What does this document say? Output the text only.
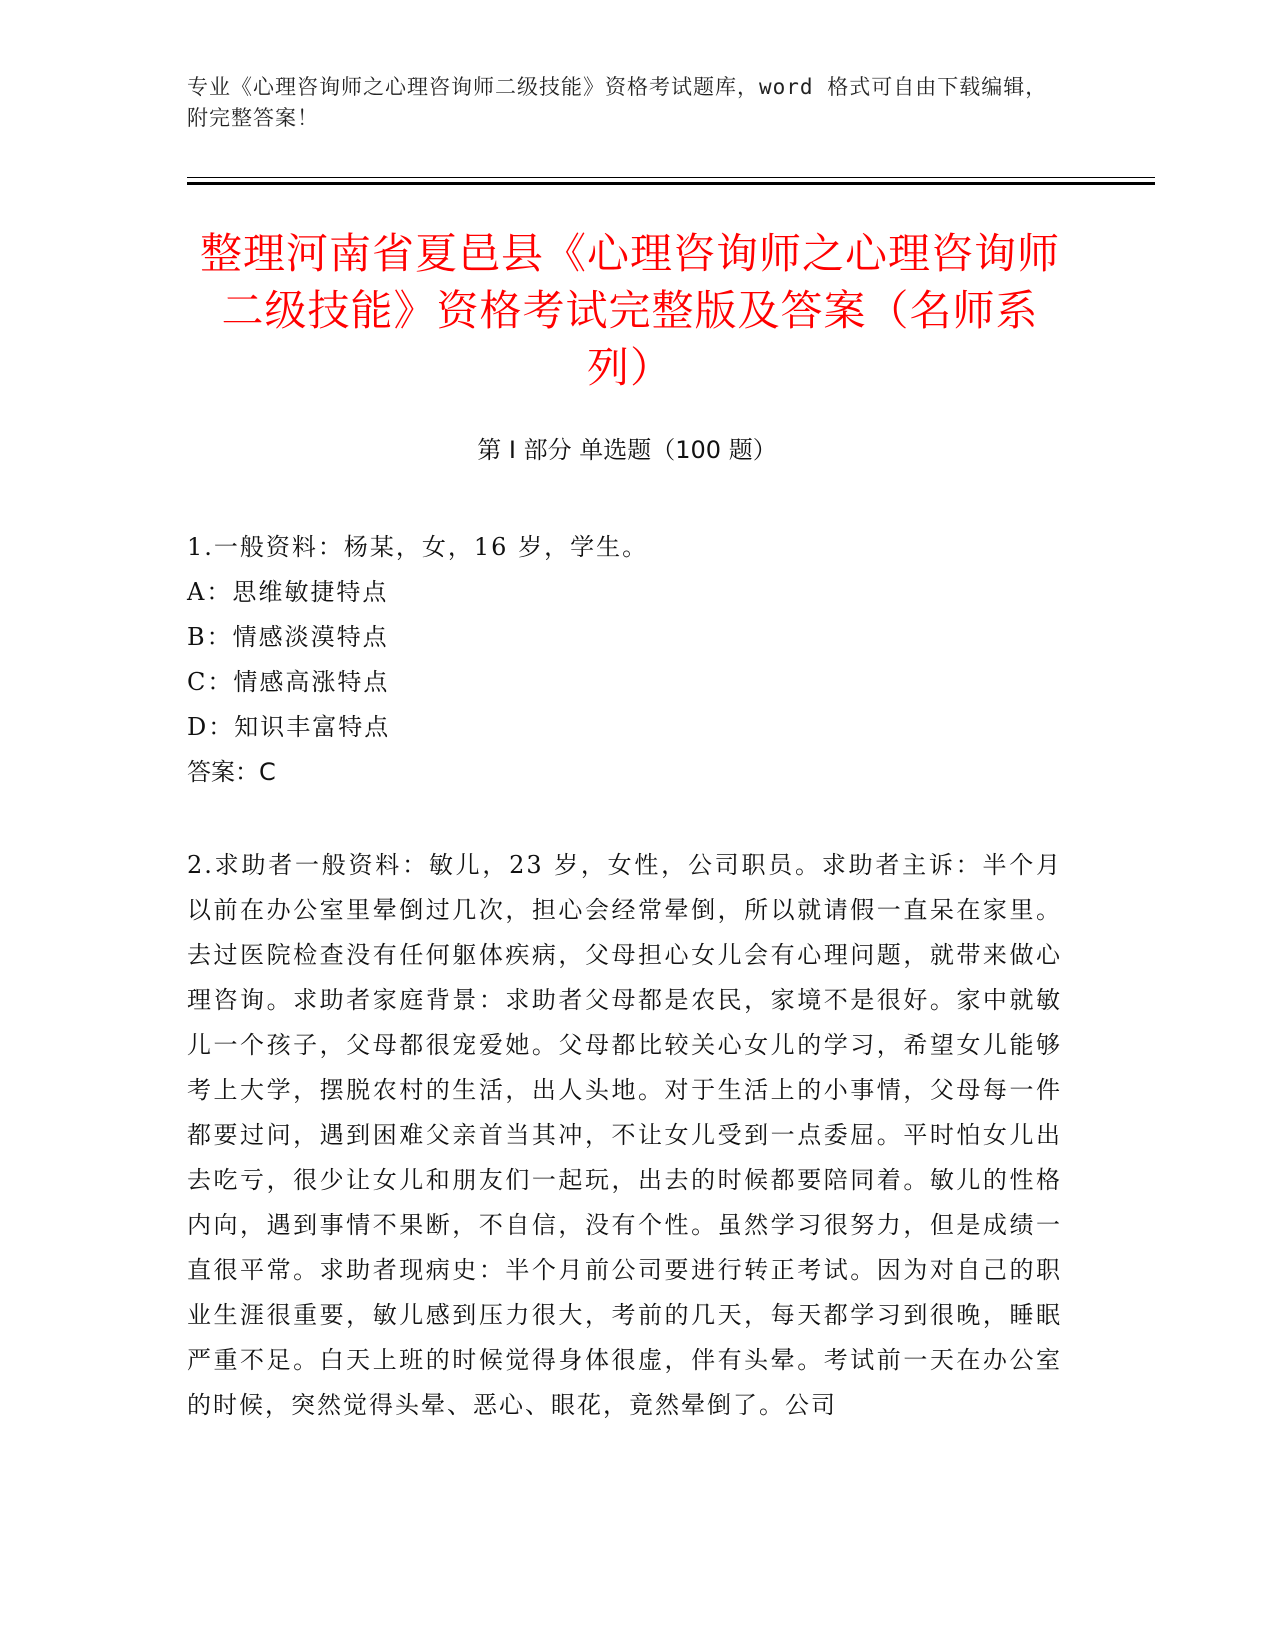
专业《心理咨询师之心理咨询师二级技能》资格考试题库，word 格式可自由下载编辑，附完整答案！
整理河南省夏邑县《心理咨询师之心理咨询师二级技能》资格考试完整版及答案（名师系列）
第 I 部分 单选题（100 题）
1.一般资料：杨某，女，16 岁，学生。
A：思维敏捷特点
B：情感淡漠特点
C：情感高涨特点
D：知识丰富特点
答案：C
2.求助者一般资料：敏儿，23 岁，女性，公司职员。求助者主诉：半个月以前在办公室里晕倒过几次，担心会经常晕倒，所以就请假一直呆在家里。去过医院检查没有任何躯体疾病，父母担心女儿会有心理问题，就带来做心理咨询。求助者家庭背景：求助者父母都是农民，家境不是很好。家中就敏儿一个孩子，父母都很宠爱她。父母都比较关心女儿的学习，希望女儿能够考上大学，摆脱农村的生活，出人头地。对于生活上的小事情，父母每一件都要过问，遇到困难父亲首当其冲，不让女儿受到一点委屈。平时怕女儿出去吃亏，很少让女儿和朋友们一起玩，出去的时候都要陪同着。敏儿的性格内向，遇到事情不果断，不自信，没有个性。虽然学习很努力，但是成绩一直很平常。求助者现病史：半个月前公司要进行转正考试。因为对自己的职业生涯很重要，敏儿感到压力很大，考前的几天，每天都学习到很晚，睡眠严重不足。白天上班的时候觉得身体很虚，伴有头晕。考试前一天在办公室的时候，突然觉得头晕、恶心、眼花，竟然晕倒了。公司
